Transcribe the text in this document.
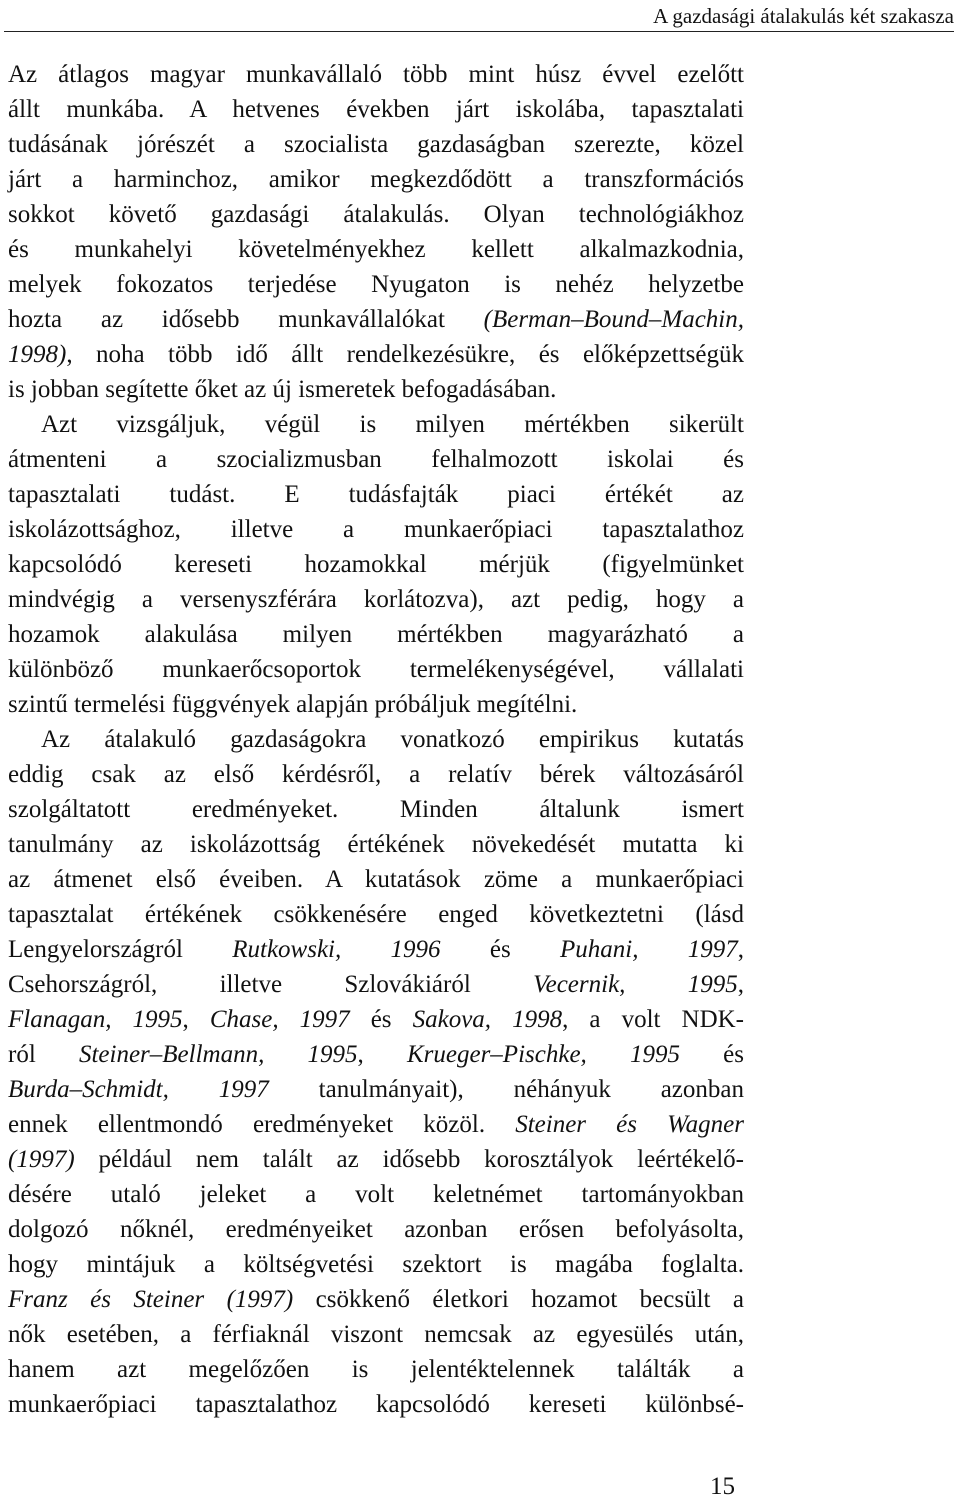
A gazdasági átalakulás két szakasza
Az átlagos magyar munkavállaló több mint húsz évvel ezelőtt
állt munkába. A hetvenes években járt iskolába, tapasztalati
tudásának jórészét a szocialista gazdaságban szerezte, közel
járt a harminchoz, amikor megkezdődött a transzformációs
sokkot követő gazdasági átalakulás. Olyan technológiákhoz
és munkahelyi követelményekhez kellett alkalmazkodnia,
melyek fokozatos terjedése Nyugaton is nehéz helyzetbe
hozta az idősebb munkavállalókat (Berman–Bound–Machin,
1998), noha több idő állt rendelkezésükre, és előképzettségük
is jobban segítette őket az új ismeretek befogadásában.
Azt vizsgáljuk, végül is milyen mértékben sikerült
átmenteni a szocializmusban felhalmozott iskolai és
tapasztalati tudást. E tudásfajták piaci értékét az
iskolázottsághoz, illetve a munkaerőpiaci tapasztalathoz
kapcsolódó kereseti hozamokkal mérjük (figyelmünket
mindvégig a versenyszférára korlátozva), azt pedig, hogy a
hozamok alakulása milyen mértékben magyarázható a
különböző munkaerőcsoportok termelékenységével, vállalati
szintű termelési függvények alapján próbáljuk megítélni.
Az átalakuló gazdaságokra vonatkozó empirikus kutatás
eddig csak az első kérdésről, a relatív bérek változásáról
szolgáltatott eredményeket. Minden általunk ismert
tanulmány az iskolázottság értékének növekedését mutatta ki
az átmenet első éveiben. A kutatások zöme a munkaerőpiaci
tapasztalat értékének csökkenésére enged következtetni (lásd
Lengyelországról Rutkowski, 1996 és Puhani, 1997,
Csehországról, illetve Szlovákiáról Vecernik, 1995,
Flanagan, 1995, Chase, 1997 és Sakova, 1998, a volt NDK-
ról Steiner–Bellmann, 1995, Krueger–Pischke, 1995 és
Burda–Schmidt, 1997 tanulmányait), néhányuk azonban
ennek ellentmondó eredményeket közöl. Steiner és Wagner
(1997) például nem talált az idősebb korosztályok leértékelő-
désére utaló jeleket a volt keletnémet tartományokban
dolgozó nőknél, eredményeiket azonban erősen befolyásolta,
hogy mintájuk a költségvetési szektort is magába foglalta.
Franz és Steiner (1997) csökkenő életkori hozamot becsült a
nők esetében, a férfiaknál viszont nemcsak az egyesülés után,
hanem azt megelőzően is jelentéktelennek találták a
munkaerőpiaci tapasztalathoz kapcsolódó kereseti különbsé-
15
